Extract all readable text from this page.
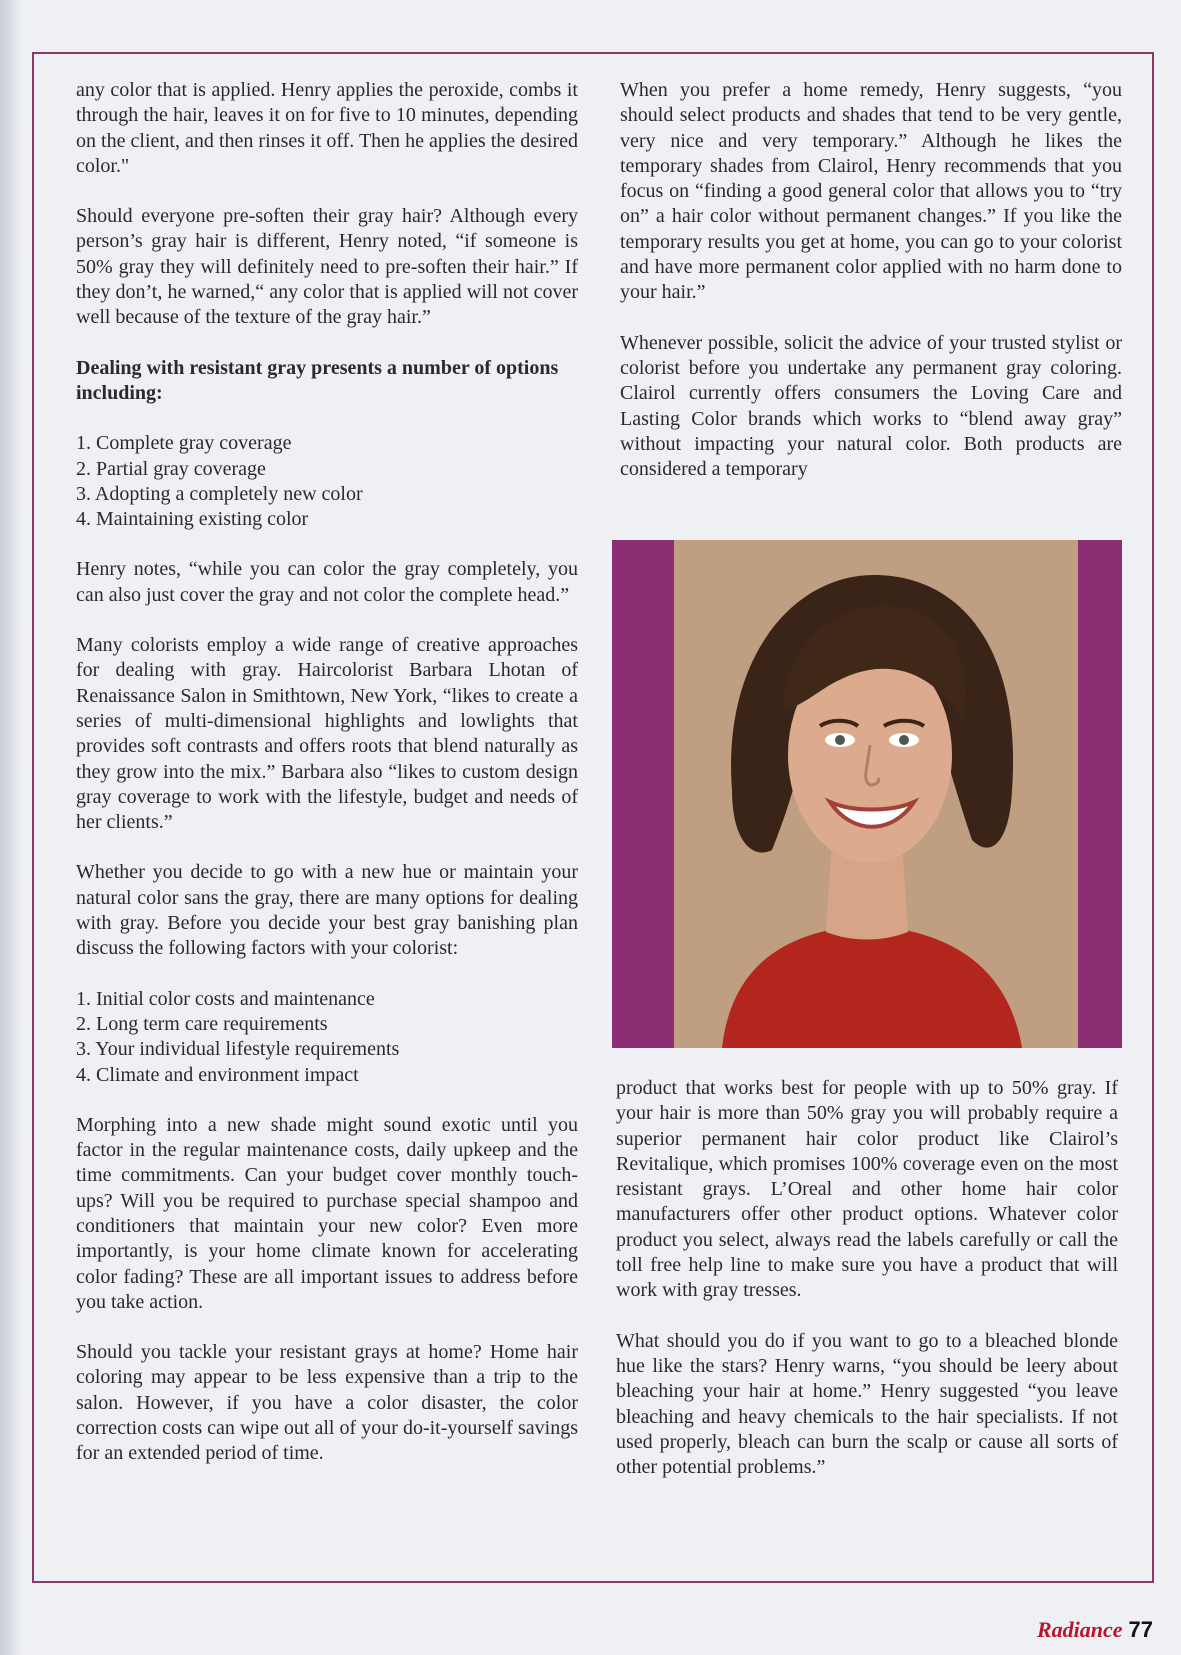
any color that is applied. Henry applies the peroxide, combs it through the hair, leaves it on for five to 10 minutes, depending on the client, and then rinses it off. Then he applies the desired color."

Should everyone pre-soften their gray hair? Although every person’s gray hair is different, Henry noted, “if someone is 50% gray they will definitely need to pre-soften their hair.” If they don’t, he warned,“ any color that is applied will not cover well because of the texture of the gray hair.”

Dealing with resistant gray presents a number of options including:

1. Complete gray coverage
2. Partial gray coverage
3. Adopting a completely new color
4. Maintaining existing color

Henry notes, “while you can color the gray completely, you can also just cover the gray and not color the complete head.”

Many colorists employ a wide range of creative approaches for dealing with gray. Haircolorist Barbara Lhotan of Renaissance Salon in Smithtown, New York, “likes to create a series of multi-dimensional highlights and lowlights that provides soft contrasts and offers roots that blend naturally as they grow into the mix.” Barbara also “likes to custom design gray coverage to work with the lifestyle, budget and needs of her clients.”

Whether you decide to go with a new hue or maintain your natural color sans the gray, there are many options for dealing with gray. Before you decide your best gray banishing plan discuss the following factors with your colorist:

1. Initial color costs and maintenance
2. Long term care requirements
3. Your individual lifestyle requirements
4. Climate and environment impact

Morphing into a new shade might sound exotic until you factor in the regular maintenance costs, daily upkeep and the time commitments. Can your budget cover monthly touch-ups? Will you be required to purchase special shampoo and conditioners that maintain your new color? Even more importantly, is your home climate known for accelerating color fading? These are all important issues to address before you take action.

Should you tackle your resistant grays at home? Home hair coloring may appear to be less expensive than a trip to the salon. However, if you have a color disaster, the color correction costs can wipe out all of your do-it-yourself savings for an extended period of time.

When you prefer a home remedy, Henry suggests, “you should select products and shades that tend to be very gentle, very nice and very temporary.” Although he likes the temporary shades from Clairol, Henry recommends that you focus on “finding a good general color that allows you to “try on” a hair color without permanent changes.” If you like the temporary results you get at home, you can go to your colorist and have more permanent color applied with no harm done to your hair.”

Whenever possible, solicit the advice of your trusted stylist or colorist before you undertake any permanent gray coloring. Clairol currently offers consumers the Loving Care and Lasting Color brands which works to “blend away gray” without impacting your natural color. Both products are considered a temporary

product that works best for people with up to 50% gray. If your hair is more than 50% gray you will probably require a superior permanent hair color product like Clairol’s Revitalique, which promises 100% coverage even on the most resistant grays. L’Oreal and other home hair color manufacturers offer other product options. Whatever color product you select, always read the labels carefully or call the toll free help line to make sure you have a product that will work with gray tresses.

What should you do if you want to go to a bleached blonde hue like the stars? Henry warns, “you should be leery about bleaching your hair at home.” Henry suggested “you leave bleaching and heavy chemicals to the hair specialists. If not used properly, bleach can burn the scalp or cause all sorts of other potential problems.”

Radiance 77
